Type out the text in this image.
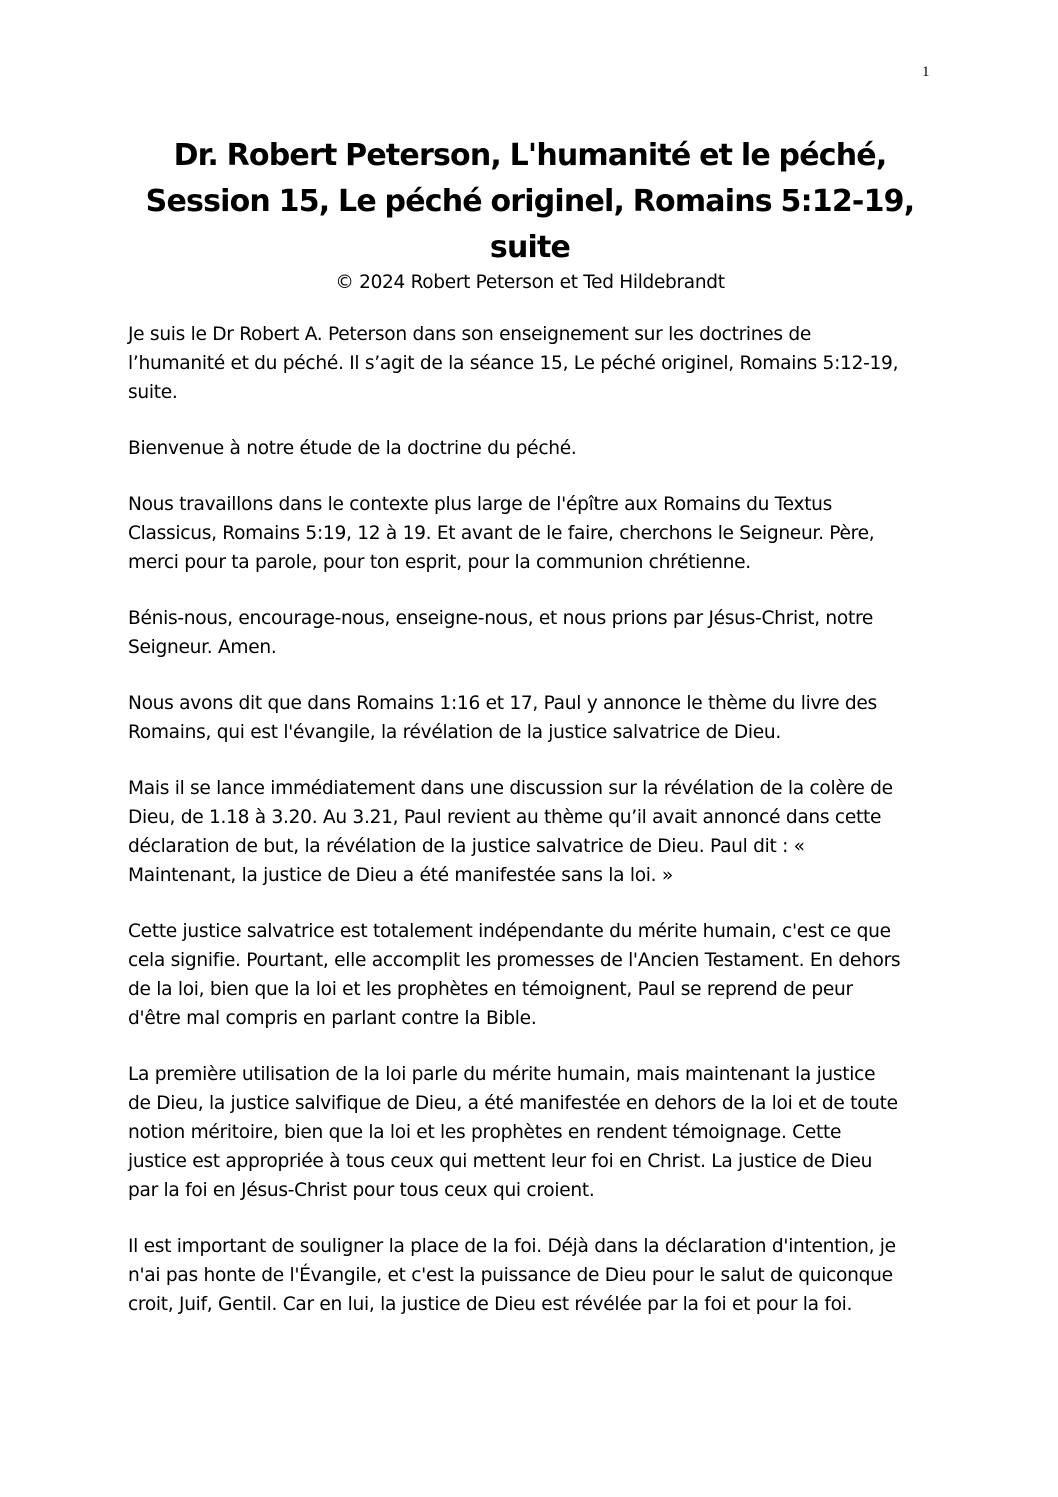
1
Dr. Robert Peterson, L'humanité et le péché,
Session 15, Le péché originel, Romains 5:12-19,
suite
© 2024 Robert Peterson et Ted Hildebrandt

Je suis le Dr Robert A. Peterson dans son enseignement sur les doctrines de
l’humanité et du péché. Il s’agit de la séance 15, Le péché originel, Romains 5:12-19,
suite.

Bienvenue à notre étude de la doctrine du péché.

Nous travaillons dans le contexte plus large de l'épître aux Romains du Textus
Classicus, Romains 5:19, 12 à 19. Et avant de le faire, cherchons le Seigneur. Père,
merci pour ta parole, pour ton esprit, pour la communion chrétienne.

Bénis-nous, encourage-nous, enseigne-nous, et nous prions par Jésus-Christ, notre
Seigneur. Amen.

Nous avons dit que dans Romains 1:16 et 17, Paul y annonce le thème du livre des
Romains, qui est l'évangile, la révélation de la justice salvatrice de Dieu.

Mais il se lance immédiatement dans une discussion sur la révélation de la colère de
Dieu, de 1.18 à 3.20. Au 3.21, Paul revient au thème qu’il avait annoncé dans cette
déclaration de but, la révélation de la justice salvatrice de Dieu. Paul dit : «
Maintenant, la justice de Dieu a été manifestée sans la loi. »

Cette justice salvatrice est totalement indépendante du mérite humain, c'est ce que
cela signifie. Pourtant, elle accomplit les promesses de l'Ancien Testament. En dehors
de la loi, bien que la loi et les prophètes en témoignent, Paul se reprend de peur
d'être mal compris en parlant contre la Bible.

La première utilisation de la loi parle du mérite humain, mais maintenant la justice
de Dieu, la justice salvifique de Dieu, a été manifestée en dehors de la loi et de toute
notion méritoire, bien que la loi et les prophètes en rendent témoignage. Cette
justice est appropriée à tous ceux qui mettent leur foi en Christ. La justice de Dieu
par la foi en Jésus-Christ pour tous ceux qui croient.

Il est important de souligner la place de la foi. Déjà dans la déclaration d'intention, je
n'ai pas honte de l'Évangile, et c'est la puissance de Dieu pour le salut de quiconque
croit, Juif, Gentil. Car en lui, la justice de Dieu est révélée par la foi et pour la foi.
